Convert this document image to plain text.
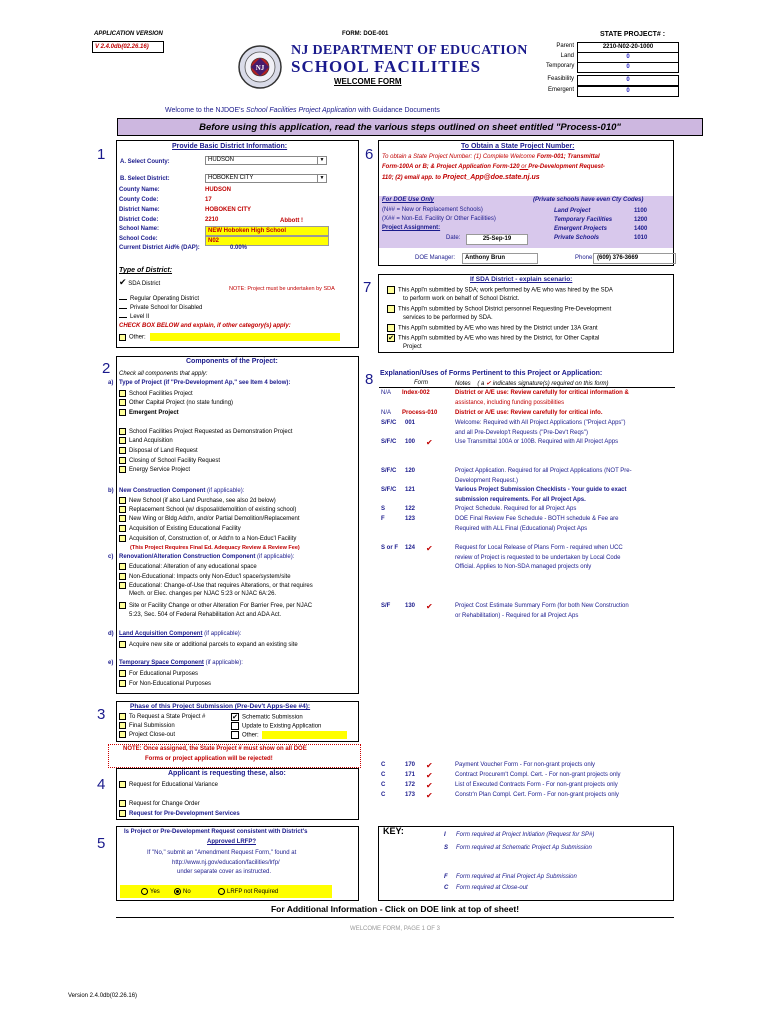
APPLICATION VERSION
V 2.4.0db(02.26.16)
FORM: DOE-001
NJ
NJ DEPARTMENT OF EDUCATION
SCHOOL FACILITIES
WELCOME FORM
STATE PROJECT# :
Parent	2210-N02-20-1000
Land	0
Temporary	0
Feasibility	0
Emergent	0
Welcome to the NJDOE's School Facilities Project Application with Guidance Documents
Before using this application, read the various steps outlined on sheet entitled "Process-010"
1	Provide Basic District Information:
A. Select County:	HUDSON	▼
B. Select District:	HOBOKEN CITY	▼
County Name:	HUDSON
County Code:	17
District Name:	HOBOKEN CITY
District Code:	2210
School Name:	NEW Hoboken High School
School Code:	N02
Current District Aid% (DAP):	0.00%
Abbott !
Type of District:
✔ SDA District
NOTE: Project must be undertaken by SDA
Regular Operating District
Private School for Disabled
Level II
CHECK BOX BELOW and explain, if other category(s) apply:
Other:
6	To Obtain a State Project Number:
To obtain a State Project Number: (1) Complete Welcome Form-001; Transmittal
Form-100A or B; & Project Application Form-120 or Pre-Development Request-
110; (2) email app. to Project_App@doe.state.nj.us
For DOE Use Only	(Private schools have even Cty Codes)
(N## = New or Replacement Schools)
(X## = Non-Ed. Facility Or Other Facilities)
Project Assignment:
Date:	25-Sep-19
Land Project	1100
Temporary Facilities	1200
Emergent Projects	1400
Private Schools	1010
DOE Manager:	Anthony Brun	Phone: (609) 376-3669
7	If SDA District - explain scenario:
This Appl'n submitted by SDA; work performed by A/E who was hired by the SDA
to perform work on behalf of School District.
This Appl'n submitted by School District personnel Requesting Pre-Development
services to be performed by SDA.
This Appl'n submitted by A/E who was hired by the District under 13A Grant
✔ This Appl'n submitted by A/E who was hired by the District, for Other Capital
Project
2	Components of the Project:
Check all components that apply:
a) Type of Project (if "Pre-Development Ap," see Item 4 below):
School Facilities Project
Other Capital Project (no state funding)
Emergent Project
School Facilities Project Requested as Demonstration Project
Land Acquisition
Disposal of Land Request
Closing of School Facility Request
Energy Service Project
b) New Construction Component (if applicable):
New School (if also Land Purchase, see also 2d below)
Replacement School (w/ disposal/demolition of existing school)
New Wing or Bldg Add'n, and/or Partial Demolition/Replacement
Acquisition of Existing Educational Facility
Acquisition of, Construction of, or Add'n to a Non-Educ'l Facility
(This Project Requires Final Ed. Adequacy Review & Review Fee)
c) Renovation/Alteration Construction Component (if applicable):
Educational: Alteration of any educational space
Non-Educational: Impacts only Non-Educ'l space/system/site
Educational: Change-of-Use that requires Alterations, or that requires
Mech. or Elec. changes per NJAC 5:23 or NJAC 6A:26.
Site or Facility Change or other Alteration For Barrier Free, per NJAC
5:23, Sec. 504 of Federal Rehabilitation Act and ADA Act.
d) Land Acquisition Component (if applicable):
Acquire new site or additional parcels to expand an existing site
e) Temporary Space Component (if applicable):
For Educational Purposes
For Non-Educational Purposes
8 Explanation/Uses of Forms Pertinent to this Project or Application:
Form	Notes ( a ✔ indicates signature(s) required on this form)
N/A Index-002	District or A/E use: Review carefully for critical information &
assistance, including funding possibilities
N/A Process-010	District or A/E use: Review carefully for critical info.
S/F/C 001	Welcome: Required with All Project Applications ("Project Apps")
and all Pre-Develop't Requests ("Pre-Dev't Reqs")
S/F/C 100 ✔	Use Transmittal 100A or 100B. Required with All Project Apps
S/F/C 120	Project Application. Required for all Project Applications (NOT Pre-
Development Request.)
S/F/C 121	Various Project Submission Checklists - Your guide to exact
submission requirements. For all Project Aps.
S	122	Project Schedule. Required for all Project Aps
F	123	DOE Final Review Fee Schedule - BOTH schedule & Fee are
Required with ALL Final (Educational) Project Aps
S or F 124 ✔	Request for Local Release of Plans Form - required when UCC
review of Project is requested to be undertaken by Local Code
Official. Applies to Non-SDA managed projects only
S/F 130 ✔	Project Cost Estimate Summary Form (for both New Construction
or Rehabilitation) - Required for all Project Aps
C	170 ✔	Payment Voucher Form - For non-grant projects only
C	171 ✔	Contract Procurem't Compl. Cert. - For non-grant projects only
C	172 ✔	List of Executed Contracts Form - For non-grant projects only
C	173 ✔	Constr'n Plan Compl. Cert. Form - For non-grant projects only
3	Phase of this Project Submission (Pre-Dev't Apps-See #4):
To Request a State Project #
Final Submission
Project Close-out
✔ Schematic Submission
Update to Existing Application
Other:
NOTE: Once assigned, the State Project # must show on all DOE
Forms or project application will be rejected!
4
Applicant is requesting these, also:
Request for Educational Variance
Request for Change Order
Request for Pre-Development Services
5
Is Project or Pre-Development Request consistent with District's
Approved LRFP?
If "No," submit an "Amendment Request Form," found at
http://www.nj.gov/education/facilities/lrfp/
under separate cover as instructed.
Yes	No	LRFP not Required
KEY:	I Form required at Project Initiation (Request for SP#)
S Form required at Schematic Project Ap Submission
F Form required at Final Project Ap Submission
C Form required at Close-out
For Additional Information - Click on DOE link at top of sheet!
WELCOME FORM, PAGE 1 OF 3
Version 2.4.0db(02.26.16)
